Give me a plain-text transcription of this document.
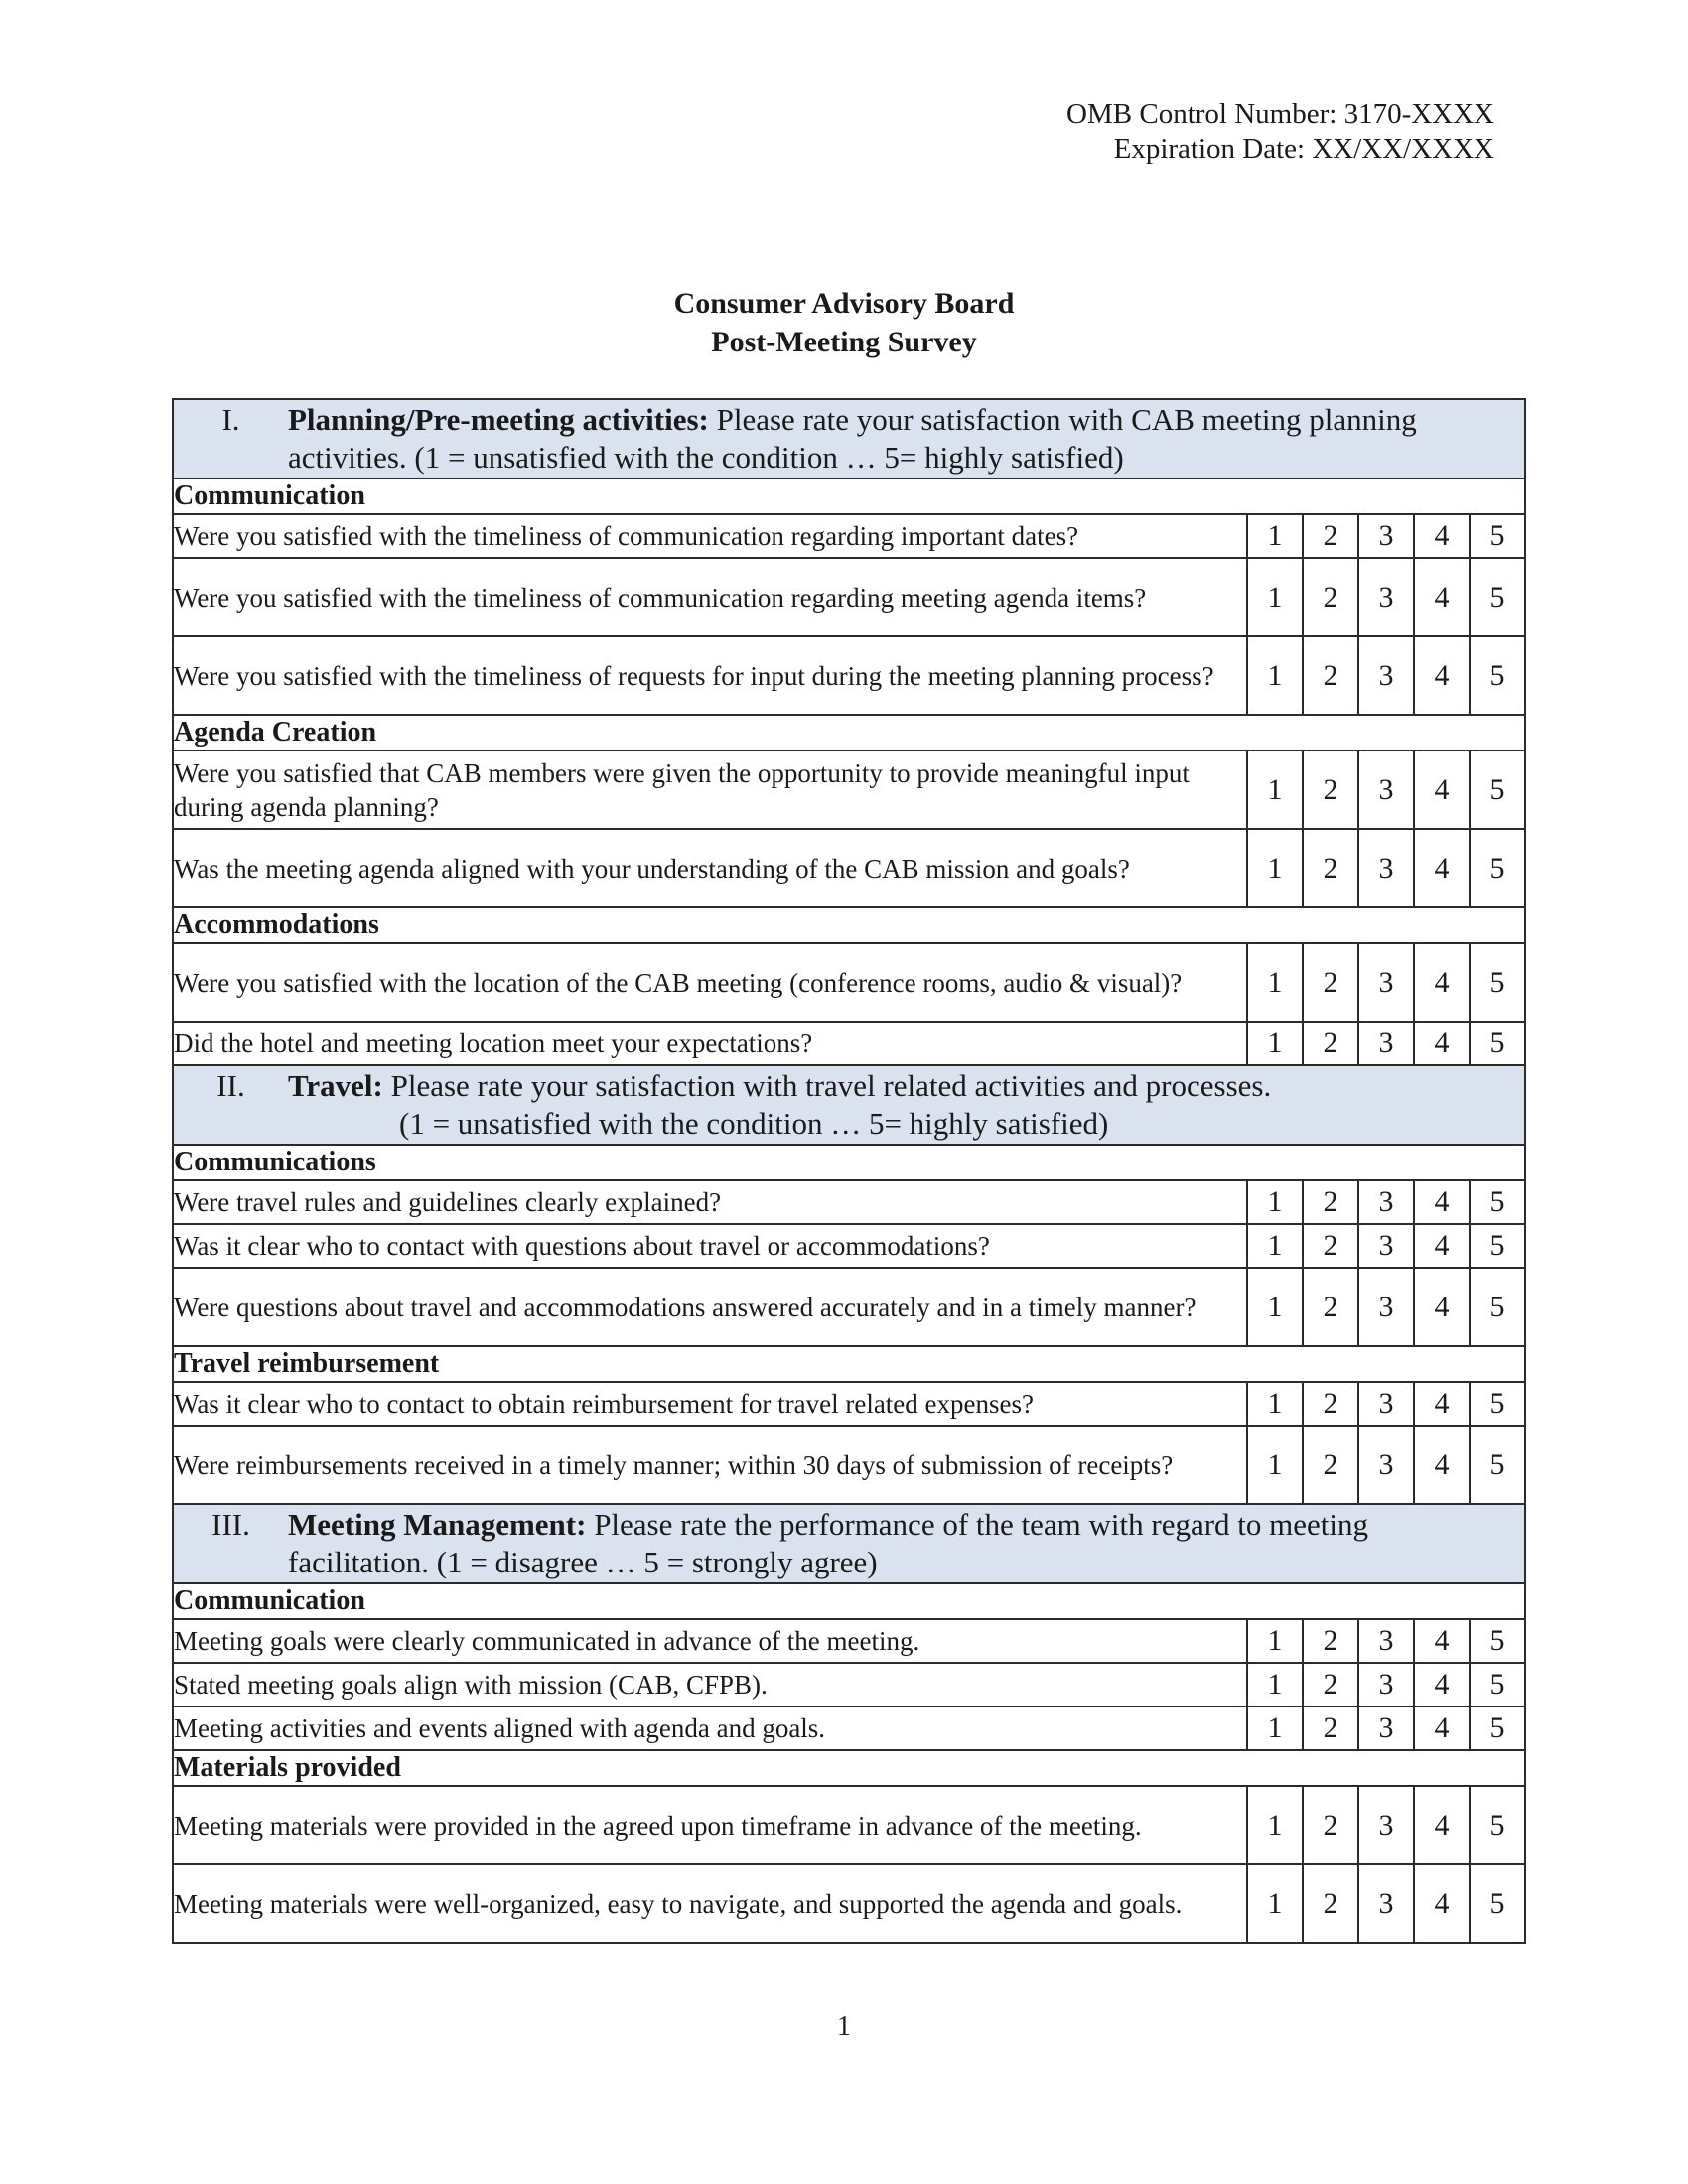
OMB Control Number: 3170-XXXX
Expiration Date: XX/XX/XXXX
Consumer Advisory Board
Post-Meeting Survey
I. Planning/Pre-meeting activities: Please rate your satisfaction with CAB meeting planning activities. (1 = unsatisfied with the condition … 5= highly satisfied)					

Communication					
Were you satisfied with the timeliness of communication regarding important dates?	1	2	3	4	5
Were you satisfied with the timeliness of communication regarding meeting agenda items?	1	2	3	4	5
Were you satisfied with the timeliness of requests for input during the meeting planning process?	1	2	3	4	5
Agenda Creation					
Were you satisfied that CAB members were given the opportunity to provide meaningful input during agenda planning?	1	2	3	4	5
Was the meeting agenda aligned with your understanding of the CAB mission and goals?	1	2	3	4	5
Accommodations					
Were you satisfied with the location of the CAB meeting (conference rooms, audio & visual)?	1	2	3	4	5
Did the hotel and meeting location meet your expectations?	1	2	3	4	5

II. Travel: Please rate your satisfaction with travel related activities and processes.
(1 = unsatisfied with the condition … 5= highly satisfied)					

Communications					
Were travel rules and guidelines clearly explained?	1	2	3	4	5
Was it clear who to contact with questions about travel or accommodations?	1	2	3	4	5
Were questions about travel and accommodations answered accurately and in a timely manner?	1	2	3	4	5
Travel reimbursement					
Was it clear who to contact to obtain reimbursement for travel related expenses?	1	2	3	4	5
Were reimbursements received in a timely manner; within 30 days of submission of receipts?	1	2	3	4	5

III. Meeting Management: Please rate the performance of the team with regard to meeting facilitation. (1 = disagree … 5 = strongly agree)					

Communication					
Meeting goals were clearly communicated in advance of the meeting.	1	2	3	4	5
Stated meeting goals align with mission (CAB, CFPB).	1	2	3	4	5
Meeting activities and events aligned with agenda and goals.	1	2	3	4	5
Materials provided					
Meeting materials were provided in the agreed upon timeframe in advance of the meeting.	1	2	3	4	5
Meeting materials were well-organized, easy to navigate, and supported the agenda and goals.	1	2	3	4	5
1
